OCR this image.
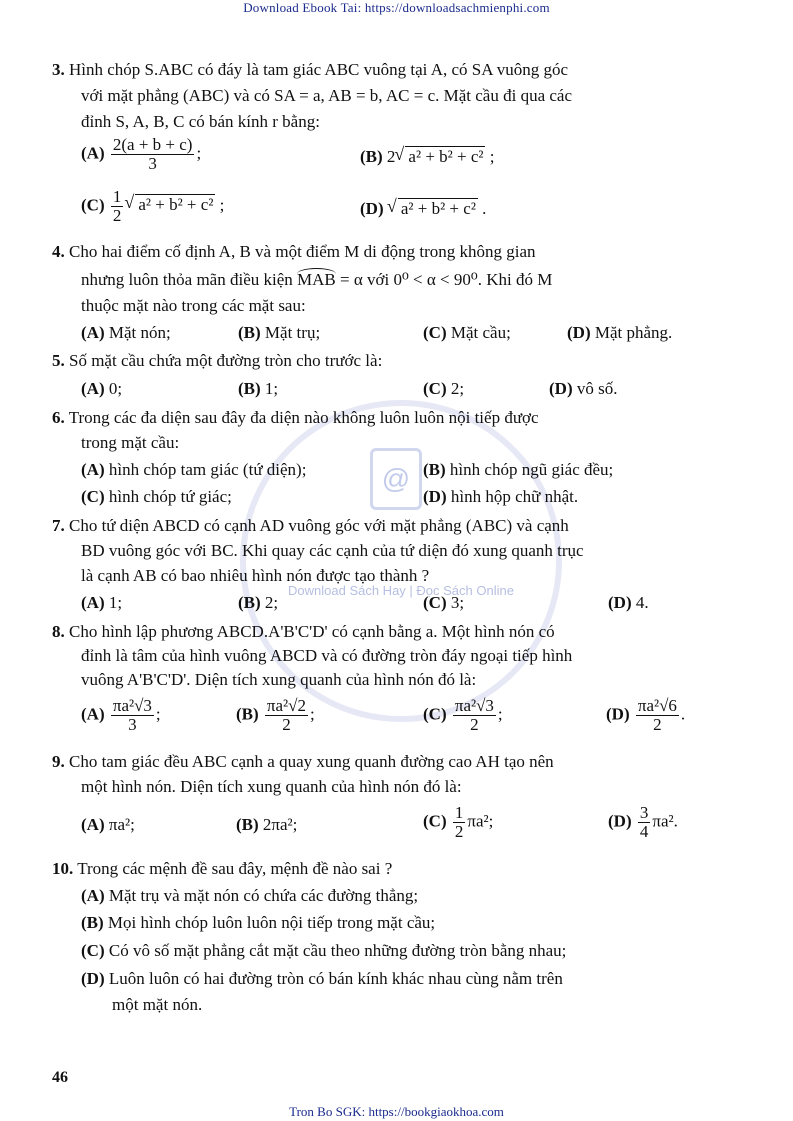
Download Ebook Tai: https://downloadsachmienphi.com
@
Download Sách Hay | Đọc Sách Online
3. Hình chóp S.ABC có đáy là tam giác ABC vuông tại A, có SA vuông góc
với mặt phẳng (ABC) và có SA = a, AB = b, AC = c. Mặt cầu đi qua các
đỉnh S, A, B, C có bán kính r bằng:
$(A) \frac{2(a + b + c)}{3}$ ;	(B) 2 √ a² + b² + c² ;
$(C) \frac{1}{2}$ √ a² + b² + c² ;	(D) √ a² + b² + c² .
4. Cho hai điểm cố định A, B và một điểm M di động trong không gian
nhưng luôn thỏa mãn điều kiện MAB = α với 0⁰ < α < 90⁰. Khi đó M
thuộc mặt nào trong các mặt sau:
(A) Mặt nón;	(B) Mặt trụ;	(C) Mặt cầu;	(D) Mặt phẳng.
5. Số mặt cầu chứa một đường tròn cho trước là:
(A) 0;	(B) 1;	(C) 2;	(D) vô số.
6. Trong các đa diện sau đây đa diện nào không luôn luôn nội tiếp được
trong mặt cầu:
(A) hình chóp tam giác (tứ diện);	(B) hình chóp ngũ giác đều;
(C) hình chóp tứ giác;	(D) hình hộp chữ nhật.
7. Cho tứ diện ABCD có cạnh AD vuông góc với mặt phẳng (ABC) và cạnh
BD vuông góc với BC. Khi quay các cạnh của tứ diện đó xung quanh trục
là cạnh AB có bao nhiêu hình nón được tạo thành ?
(A) 1;	(B) 2;	(C) 3;	(D) 4.
8. Cho hình lập phương ABCD.A'B'C'D' có cạnh bằng a. Một hình nón có
đỉnh là tâm của hình vuông ABCD và có đường tròn đáy ngoại tiếp hình
vuông A'B'C'D'. Diện tích xung quanh của hình nón đó là:
$(A) \frac{\text{πa²√3}}{3}$ ;	$(B) \frac{\text{πa²√2}}{2}$ ;	$(C) \frac{\text{πa²√3}}{2}$ ;	$(D) \frac{\text{πa²√6}}{2}$ .
9. Cho tam giác đều ABC cạnh a quay xung quanh đường cao AH tạo nên
một hình nón. Diện tích xung quanh của hình nón đó là:
(A) πa²;	(B) 2πa²;	$(C) \frac{1}{2} \pi a^2$;	$(D) \frac{3}{4} \pi a^2$.
10. Trong các mệnh đề sau đây, mệnh đề nào sai ?
(A) Mặt trụ và mặt nón có chứa các đường thẳng;
(B) Mọi hình chóp luôn luôn nội tiếp trong mặt cầu;
(C) Có vô số mặt phẳng cắt mặt cầu theo những đường tròn bằng nhau;
(D) Luôn luôn có hai đường tròn có bán kính khác nhau cùng nằm trên
một mặt nón.
46
Tron Bo SGK: https://bookgiaokhoa.com
